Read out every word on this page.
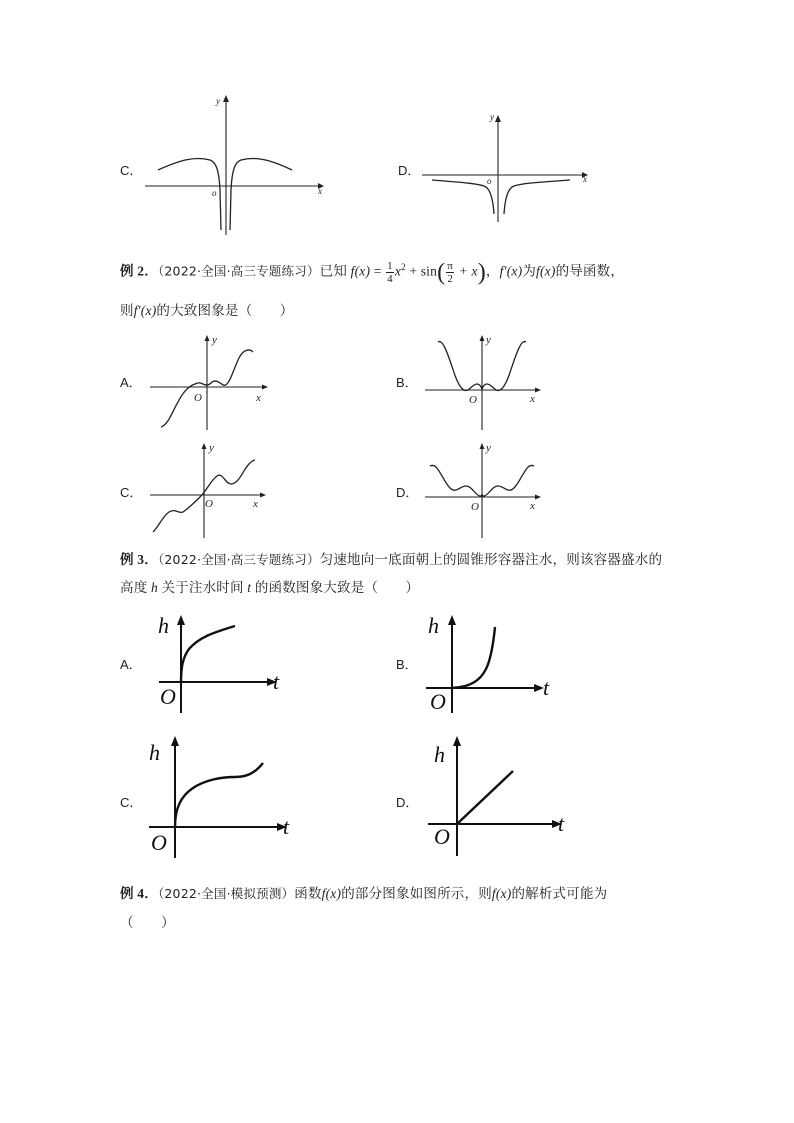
C．
x
y
o
D．
x
y
o
例 2．（2022·全国·高三专题练习）已知 $f(x) = \frac{1}{4} x^2 + \sin( \frac{\pi}{2} + x)$，f′(x)为f(x)的导函数，
则f′(x)的大致图象是（　　）
A．
x
y
O
B．
x
y
O
C．
x
y
O
D．
x
y
O
例 3．（2022·全国·高三专题练习）匀速地向一底面朝上的圆锥形容器注水，则该容器盛水的
高度 h 关于注水时间 t 的函数图象大致是（　　）
A．
h
t
O
B．
h
t
O
C．
h
t
O
D．
h
t
O
例 4．（2022·全国·模拟预测）函数f(x)的部分图象如图所示，则f(x)的解析式可能为
（　　）
